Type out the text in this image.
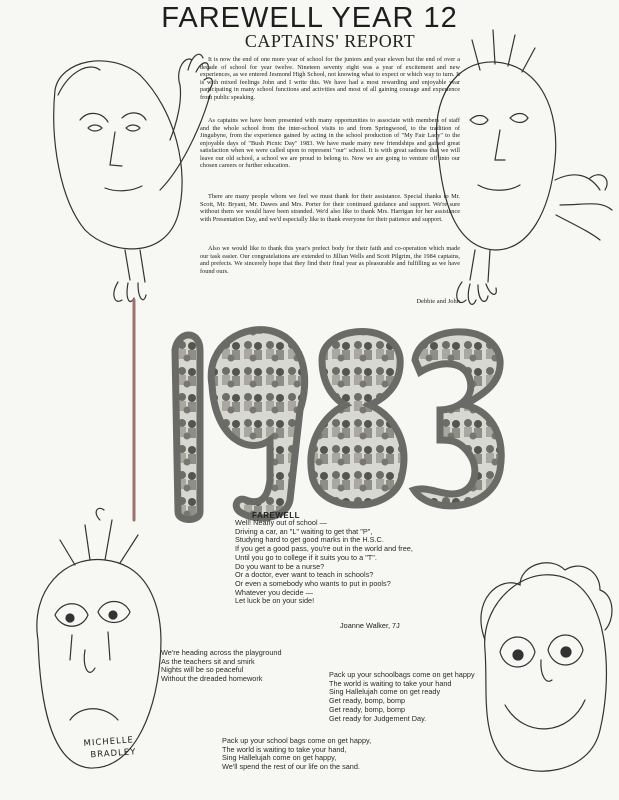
FAREWELL YEAR 12
CAPTAINS' REPORT

It is now the end of one more year of school for the juniors and year eleven but the end of over a decade of school for year twelve. Nineteen seventy eight was a year of excitement and new experiences, as we entered Jesmond High School, not knowing what to expect or which way to turn. It is with mixed feelings John and I write this. We have had a most rewarding and enjoyable year participating in many school functions and activities and most of all gaining courage and experience from public speaking.

As captains we have been presented with many opportunities to associate with members of staff and the whole school from the inter-school visits to and from Springwood, to the tradition of Jingubyne, from the experience gained by acting in the school production of "My Fair Lady" to the enjoyable days of "Bush Picnic Day" 1983. We have made many new friendships and gained great satisfaction when we were called upon to represent "our" school. It is with great sadness that we will leave our old school, a school we are proud to belong to. Now we are going to venture off into our chosen careers or further education.

There are many people whom we feel we must thank for their assistance. Special thanks to Mr. Scott, Mr. Bryant, Mr. Dawes and Mrs. Porter for their continued guidance and support. We're sure without them we would have been stranded. We'd also like to thank Mrs. Harrigan for her assistance with Presentation Day, and we'd especially like to thank everyone for their patience and support.

Also we would like to thank this year's prefect body for their faith and co-operation which made our task easier. Our congratelations are extended to Jillian Wells and Scott Pilgrim, the 1984 captains, and prefects. We sincerely hope that they find their final year as pleasurable and fulfilling as we have found ours.

Debbie and John
FAREWELL
Well! Nearly out of school —
Driving a car, an "L" waiting to get that "P",
Studying hard to get good marks in the H.S.C.
If you get a good pass, you're out in the world and free,
Until you go to college if it suits you to a "T".
Do you want to be a nurse?
Or a doctor, ever want to teach in schools?
Or even a somebody who wants to put in pools?
Whatever you decide —
Let luck be on your side!
Joanne Walker, 7J
We're heading across the playground
As the teachers sit and smirk
Nights will be so peaceful
Without the dreaded homework	Pack up your schoolbags come on get happy
The world is waiting to take your hand
Sing Hallelujah come on get ready
Get ready, bomp, bomp
Get ready, bomp, bomp
Get ready for Judgement Day.
Pack up your school bags come on get happy,
The world is waiting to take your hand,
Sing Hallelujah come on get happy,
We'll spend the rest of our life on the sand.
MICHELLE
BRADLEY
